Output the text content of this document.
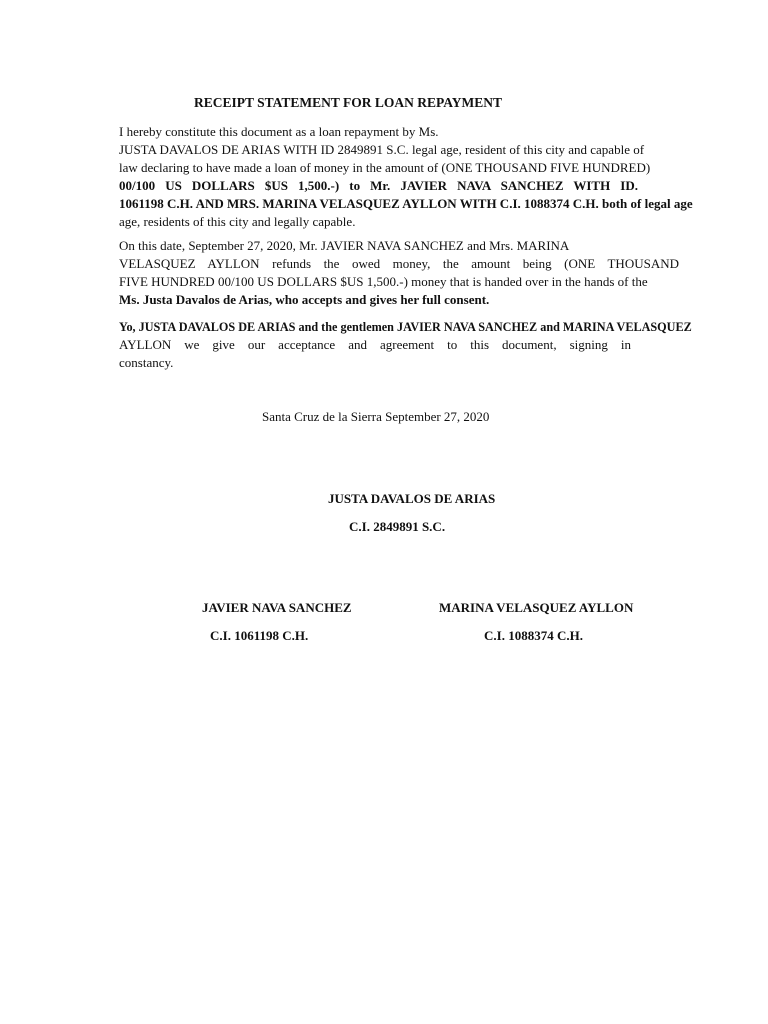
RECEIPT STATEMENT FOR LOAN REPAYMENT
I hereby constitute this document as a loan repayment by Ms.
JUSTA DAVALOS DE ARIAS WITH ID 2849891 S.C. legal age, resident of this city and capable of
law declaring to have made a loan of money in the amount of (ONE THOUSAND FIVE HUNDRED)
00/100 US DOLLARS $US 1,500.-) to Mr. JAVIER NAVA SANCHEZ WITH ID.
1061198 C.H. AND MRS. MARINA VELASQUEZ AYLLON WITH C.I. 1088374 C.H. both of legal age
age, residents of this city and legally capable.
On this date, September 27, 2020, Mr. JAVIER NAVA SANCHEZ and Mrs. MARINA
VELASQUEZ AYLLON refunds the owed money, the amount being (ONE THOUSAND
FIVE HUNDRED 00/100 US DOLLARS $US 1,500.-) money that is handed over in the hands of the
Ms. Justa Davalos de Arias, who accepts and gives her full consent.
Yo, JUSTA DAVALOS DE ARIAS and the gentlemen JAVIER NAVA SANCHEZ and MARINA VELASQUEZ
AYLLON we give our acceptance and agreement to this document, signing in
constancy.
Santa Cruz de la Sierra September 27, 2020
JUSTA DAVALOS DE ARIAS
C.I. 2849891 S.C.
JAVIER NAVA SANCHEZ
C.I. 1061198 C.H.
MARINA VELASQUEZ AYLLON
C.I. 1088374 C.H.
